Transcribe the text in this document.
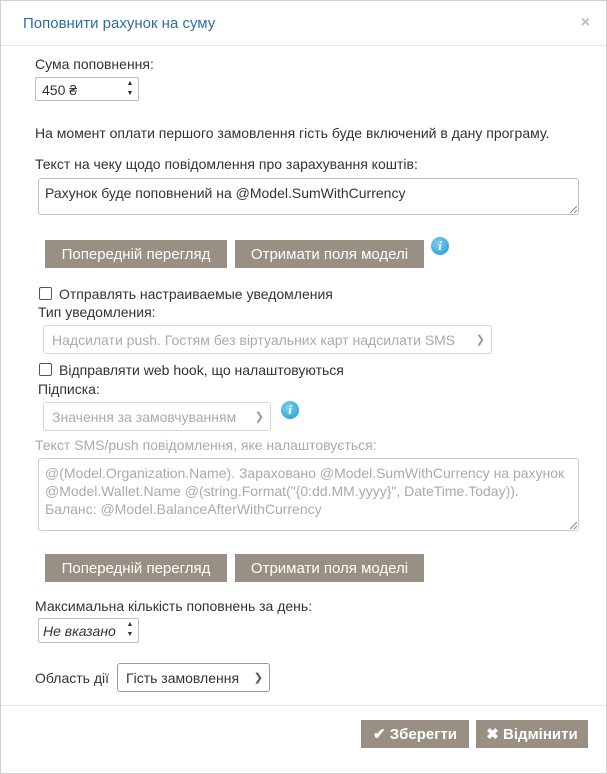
Поповнити рахунок на суму	×
Сума поповнення:
450 ₴	▲
▼
На момент оплати першого замовлення гість буде включений в дану програму.
Текст на чеку щодо повідомлення про зарахування коштів:
Рахунок буде поповнений на @Model.SumWithCurrency
Попередній перегляд	Отримати поля моделі
i
Отправлять настраиваемые уведомления
Тип уведомления:
Надсилати push. Гостям без віртуальних карт надсилати SMS ❯
Відправляти web hook, що налаштовуються
Підписка:
Значення за замовчуванням ❯	i
Текст SMS/push повідомлення, яке налаштовується:
@(Model.Organization.Name). Зараховано @Model.SumWithCurrency на рахунок @Model.Wallet.Name @(string.Format("{0:dd.MM.yyyy}", DateTime.Today)). Баланс: @Model.BalanceAfterWithCurrency
Попередній перегляд	Отримати поля моделі
Максимальна кількість поповнень за день:
Не вказано ▲
▼
Область дії	Гість замовлення ❯
✔ Зберегти	✖ Відмінити
